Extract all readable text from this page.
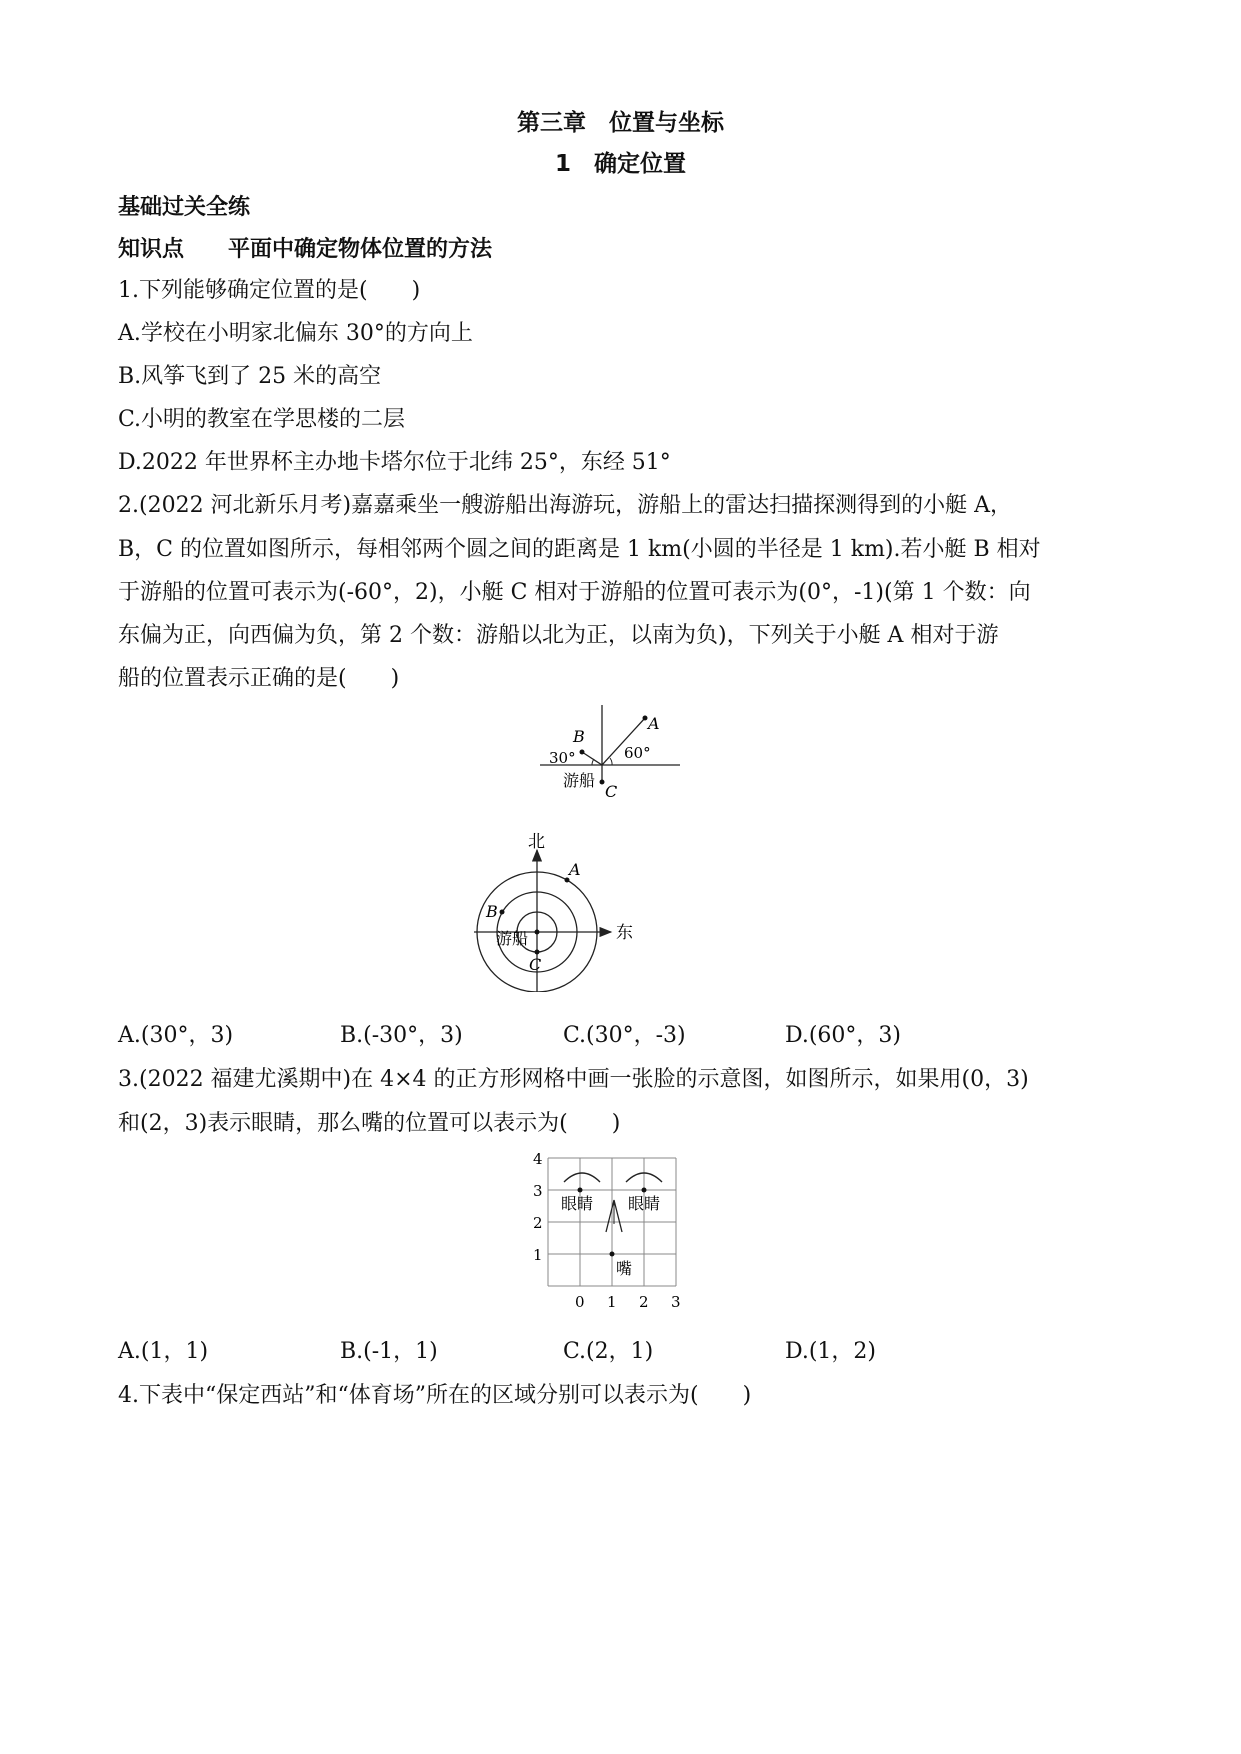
第三章　位置与坐标
1　确定位置
基础过关全练
知识点 平面中确定物体位置的方法
1.下列能够确定位置的是(　　)
A.学校在小明家北偏东 30°的方向上
B.风筝飞到了 25 米的高空
C.小明的教室在学思楼的二层
D.2022 年世界杯主办地卡塔尔位于北纬 25°，东经 51°
2.(2022 河北新乐月考)嘉嘉乘坐一艘游船出海游玩，游船上的雷达扫描探测得到的小艇 A，
B，C 的位置如图所示，每相邻两个圆之间的距离是 1 km(小圆的半径是 1 km).若小艇 B 相对
于游船的位置可表示为(-60°，2)，小艇 C 相对于游船的位置可表示为(0°，-1)(第 1 个数：向
东偏为正，向西偏为负，第 2 个数：游船以北为正，以南为负)，下列关于小艇 A 相对于游
船的位置表示正确的是(　　)
B
A
C
30°	60°
游船
北
东
A
B
C
游船
A.(30°，3)	B.(-30°，3)	C.(30°，-3)	D.(60°，3)
3.(2022 福建尤溪期中)在 4×4 的正方形网格中画一张脸的示意图，如图所示，如果用(0，3)
和(2，3)表示眼睛，那么嘴的位置可以表示为(　　)
眼睛 眼睛
嘴
4
3
2
1
0 1 2 3
A.(1，1)	B.(-1，1)	C.(2，1)	D.(1，2)
4.下表中“保定西站”和“体育场”所在的区域分别可以表示为(　　)
